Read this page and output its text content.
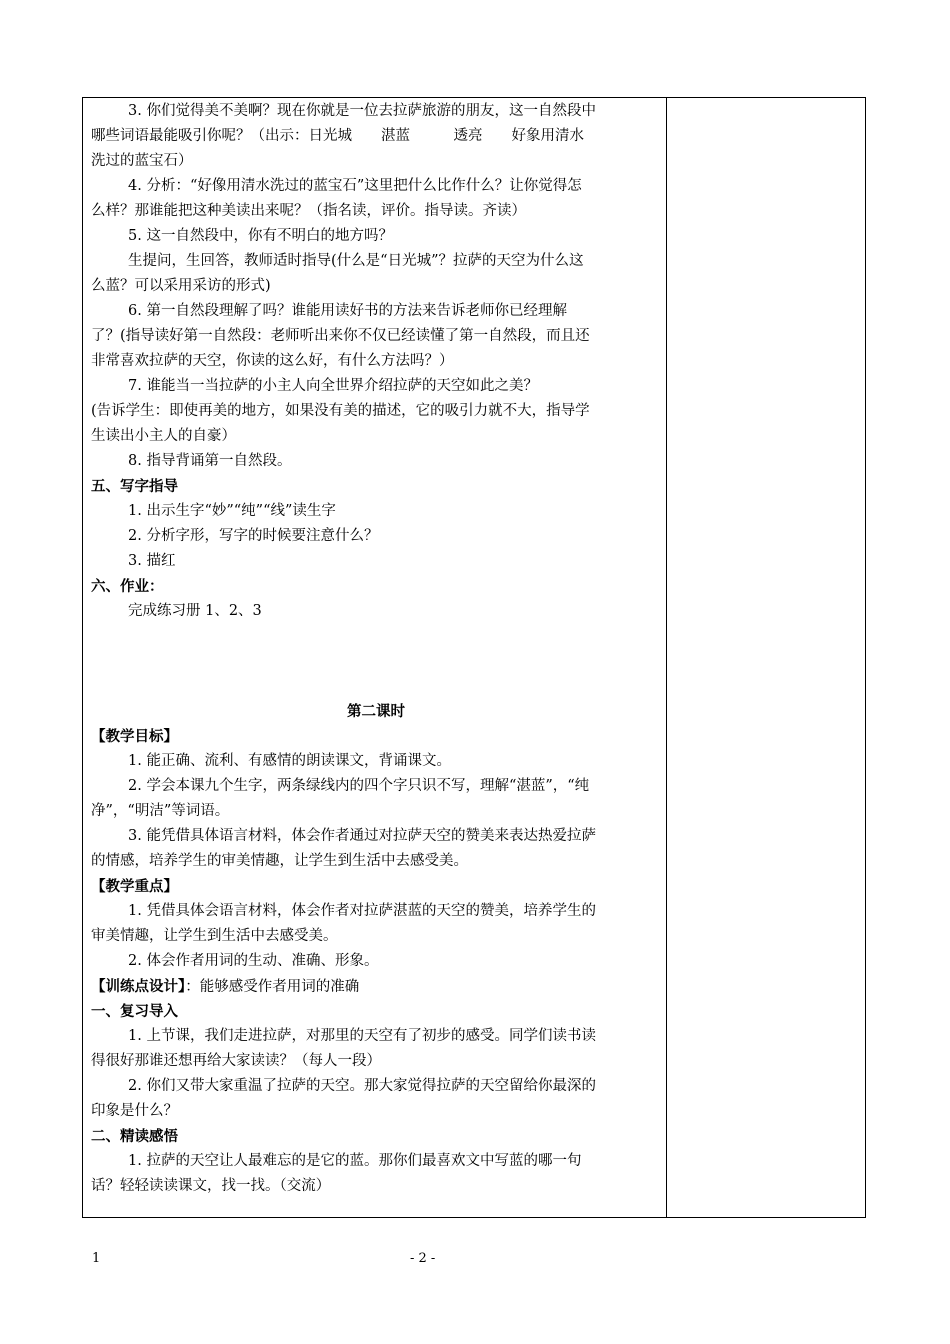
3. 你们觉得美不美啊？现在你就是一位去拉萨旅游的朋友，这一自然段中
哪些词语最能吸引你呢？（出示：日光城　　湛蓝　　　透亮　　好象用清水
洗过的蓝宝石）
4. 分析：“好像用清水洗过的蓝宝石”这里把什么比作什么？让你觉得怎
么样？那谁能把这种美读出来呢？（指名读，评价。指导读。齐读）
5. 这一自然段中，你有不明白的地方吗？
生提问，生回答，教师适时指导(什么是“日光城”？拉萨的天空为什么这
么蓝？可以采用采访的形式)
6. 第一自然段理解了吗？谁能用读好书的方法来告诉老师你已经理解
了？(指导读好第一自然段：老师听出来你不仅已经读懂了第一自然段，而且还
非常喜欢拉萨的天空，你读的这么好，有什么方法吗？）
7. 谁能当一当拉萨的小主人向全世界介绍拉萨的天空如此之美？
(告诉学生：即使再美的地方，如果没有美的描述，它的吸引力就不大，指导学
生读出小主人的自豪）
8. 指导背诵第一自然段。
五、写字指导
1. 出示生字“妙”“纯”“线”读生字
2. 分析字形，写字的时候要注意什么？
3. 描红
六、作业：
完成练习册 1、2、3
第二课时
【教学目标】
1. 能正确、流利、有感情的朗读课文，背诵课文。
2. 学会本课九个生字，两条绿线内的四个字只识不写，理解“湛蓝”，“纯
净”，“明洁”等词语。
3. 能凭借具体语言材料，体会作者通过对拉萨天空的赞美来表达热爱拉萨
的情感，培养学生的审美情趣，让学生到生活中去感受美。
【教学重点】
1. 凭借具体会语言材料，体会作者对拉萨湛蓝的天空的赞美，培养学生的
审美情趣，让学生到生活中去感受美。
2. 体会作者用词的生动、准确、形象。
【训练点设计】：能够感受作者用词的准确
一、复习导入
1. 上节课，我们走进拉萨，对那里的天空有了初步的感受。同学们读书读
得很好那谁还想再给大家读读？（每人一段）
2. 你们又带大家重温了拉萨的天空。那大家觉得拉萨的天空留给你最深的
印象是什么？
二、精读感悟
1. 拉萨的天空让人最难忘的是它的蓝。那你们最喜欢文中写蓝的哪一句
话？轻轻读读课文，找一找。（交流）
1	- 2 -
